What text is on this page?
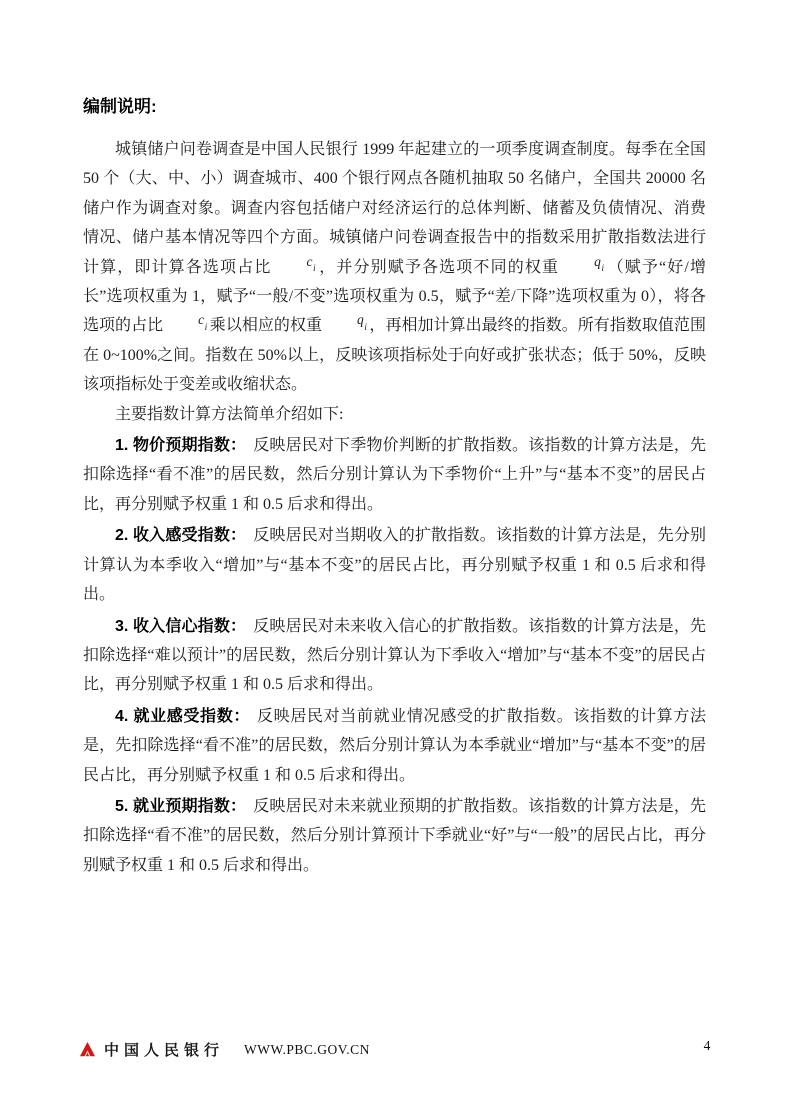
编制说明:

城镇储户问卷调查是中国人民银行 1999 年起建立的一项季度调查制度。每季在全国 50 个（大、中、小）调查城市、400 个银行网点各随机抽取 50 名储户，全国共 20000 名储户作为调查对象。调查内容包括储户对经济运行的总体判断、储蓄及负债情况、消费情况、储户基本情况等四个方面。城镇储户问卷调查报告中的指数采用扩散指数法进行计算，即计算各选项占比	$c_i$ ，并分别赋予各选项不同的权重	$q_i$ （赋予“好/增长”选项权重为 1，赋予“一般/不变”选项权重为 0.5，赋予“差/下降”选项权重为 0），将各选项的占比	$c_i$ 乘以相应的权重	$q_i$ ，再相加计算出最终的指数。所有指数取值范围在 0~100%之间。指数在 50%以上，反映该项指标处于向好或扩张状态；低于 50%，反映该项指标处于变差或收缩状态。

主要指数计算方法简单介绍如下:

1. 物价预期指数： 反映居民对下季物价判断的扩散指数。该指数的计算方法是，先扣除选择“看不准”的居民数，然后分别计算认为下季物价“上升”与“基本不变”的居民占比，再分别赋予权重 1 和 0.5 后求和得出。

2. 收入感受指数： 反映居民对当期收入的扩散指数。该指数的计算方法是，先分别计算认为本季收入“增加”与“基本不变”的居民占比，再分别赋予权重 1 和 0.5 后求和得出。

3. 收入信心指数： 反映居民对未来收入信心的扩散指数。该指数的计算方法是，先扣除选择“难以预计”的居民数，然后分别计算认为下季收入“增加”与“基本不变”的居民占比，再分别赋予权重 1 和 0.5 后求和得出。

4. 就业感受指数： 反映居民对当前就业情况感受的扩散指数。该指数的计算方法是，先扣除选择“看不准”的居民数，然后分别计算认为本季就业“增加”与“基本不变”的居民占比，再分别赋予权重 1 和 0.5 后求和得出。

5. 就业预期指数： 反映居民对未来就业预期的扩散指数。该指数的计算方法是，先扣除选择“看不准”的居民数，然后分别计算预计下季就业“好”与“一般”的居民占比，再分别赋予权重 1 和 0.5 后求和得出。

中国人民银行 WWW.PBC.GOV.CN	4
